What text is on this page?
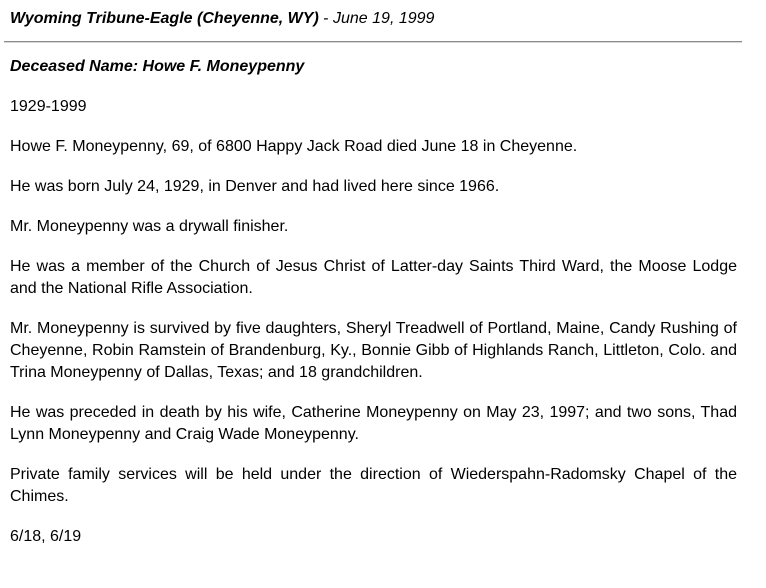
Wyoming Tribune-Eagle (Cheyenne, WY) - June 19, 1999

Deceased Name: Howe F. Moneypenny

1929-1999

Howe F. Moneypenny, 69, of 6800 Happy Jack Road died June 18 in Cheyenne.

He was born July 24, 1929, in Denver and had lived here since 1966.

Mr. Moneypenny was a drywall finisher.

He was a member of the Church of Jesus Christ of Latter-day Saints Third Ward, the Moose Lodge and the National Rifle Association.

Mr. Moneypenny is survived by five daughters, Sheryl Treadwell of Portland, Maine, Candy Rushing of Cheyenne, Robin Ramstein of Brandenburg, Ky., Bonnie Gibb of Highlands Ranch, Littleton, Colo. and Trina Moneypenny of Dallas, Texas; and 18 grandchildren.

He was preceded in death by his wife, Catherine Moneypenny on May 23, 1997; and two sons, Thad Lynn Moneypenny and Craig Wade Moneypenny.

Private family services will be held under the direction of Wiederspahn-Radomsky Chapel of the Chimes.

6/18, 6/19
